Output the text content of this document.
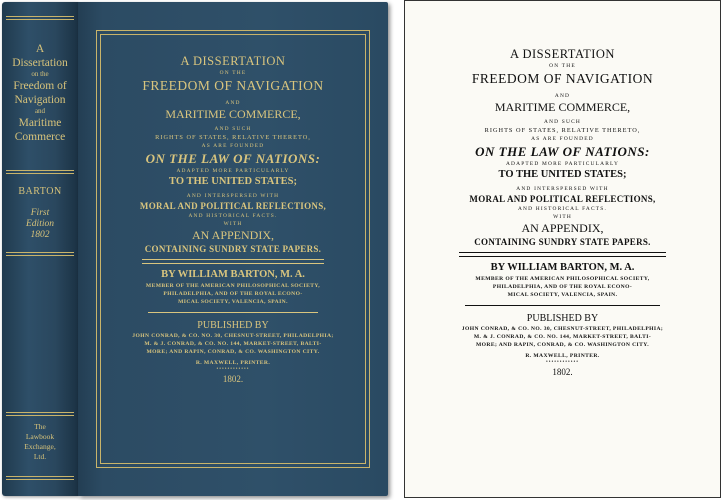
A
Dissertation

on the
Freedom of
Navigation

and
Maritime
Commerce
BARTON
First
Edition
1802
The
Lawbook
Exchange,
Ltd.
A DISSERTATION
ON THE
FREEDOM OF NAVIGATION
AND
MARITIME COMMERCE,
AND SUCH
RIGHTS OF STATES, RELATIVE THERETO,
AS ARE FOUNDED
ON THE LAW OF NATIONS:
ADAPTED MORE PARTICULARLY
TO THE UNITED STATES;
AND INTERSPERSED WITH
MORAL AND POLITICAL REFLECTIONS,
AND HISTORICAL FACTS.
WITH
AN APPENDIX,
CONTAINING SUNDRY STATE PAPERS.
BY WILLIAM BARTON, M. A.
MEMBER OF THE AMERICAN PHILOSOPHICAL SOCIETY,
PHILADELPHIA, AND OF THE ROYAL ECONO-
MICAL SOCIETY, VALENCIA, SPAIN.
PUBLISHED BY
JOHN CONRAD, & CO. NO. 30, CHESNUT-STREET, PHILADELPHIA;
M. & J. CONRAD, & CO. NO. 144, MARKET-STREET, BALTI-
MORE; AND RAPIN, CONRAD, & CO. WASHINGTON CITY.
R. MAXWELL, PRINTER.
••••••••••••
1802.
A DISSERTATION
ON THE
FREEDOM OF NAVIGATION
AND
MARITIME COMMERCE,
AND SUCH
RIGHTS OF STATES, RELATIVE THERETO,
AS ARE FOUNDED
ON THE LAW OF NATIONS:
ADAPTED MORE PARTICULARLY
TO THE UNITED STATES;
AND INTERSPERSED WITH
MORAL AND POLITICAL REFLECTIONS,
AND HISTORICAL FACTS.
WITH
AN APPENDIX,
CONTAINING SUNDRY STATE PAPERS.
BY WILLIAM BARTON, M. A.
MEMBER OF THE AMERICAN PHILOSOPHICAL SOCIETY,
PHILADELPHIA, AND OF THE ROYAL ECONO-
MICAL SOCIETY, VALENCIA, SPAIN.
PUBLISHED BY
JOHN CONRAD, & CO. NO. 30, CHESNUT-STREET, PHILADELPHIA;
M. & J. CONRAD, & CO. NO. 144, MARKET-STREET, BALTI-
MORE; AND RAPIN, CONRAD, & CO. WASHINGTON CITY.
R. MAXWELL, PRINTER.
••••••••••••
1802.
